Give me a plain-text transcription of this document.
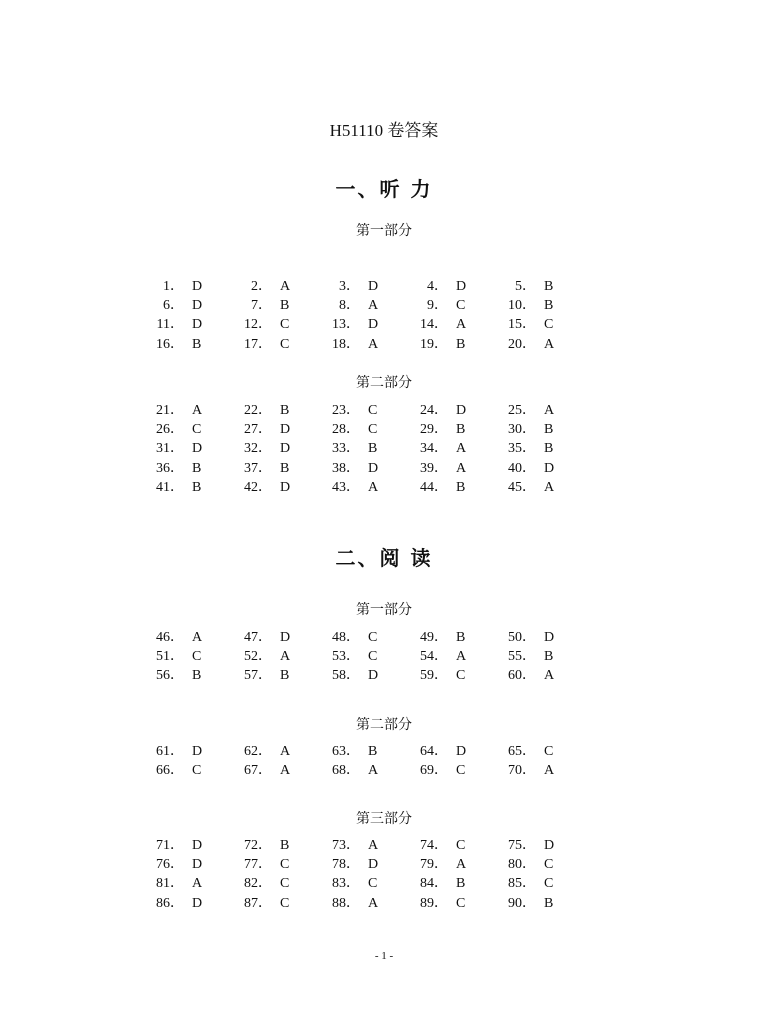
H51110 卷答案
一、听 力
第一部分
1． D	2． A	3． D	4． D	5． B
6． D	7． B	8． A	9． C	10． B
11． D	12． C	13． D	14． A	15． C
16． B	17． C	18． A	19． B	20． A
第二部分
21． A	22． B	23． C	24． D	25． A
26． C	27． D	28． C	29． B	30． B
31． D	32． D	33． B	34． A	35． B
36． B	37． B	38． D	39． A	40． D
41． B	42． D	43． A	44． B	45． A
二、阅 读
第一部分
46． A	47． D	48． C	49． B	50． D
51． C	52． A	53． C	54． A	55． B
56． B	57． B	58． D	59． C	60． A
第二部分
61． D	62． A	63． B	64． D	65． C
66． C	67． A	68． A	69． C	70． A
第三部分
71． D	72． B	73． A	74． C	75． D
76． D	77． C	78． D	79． A	80． C
81． A	82． C	83． C	84． B	85． C
86． D	87． C	88． A	89． C	90． B
- 1 -
